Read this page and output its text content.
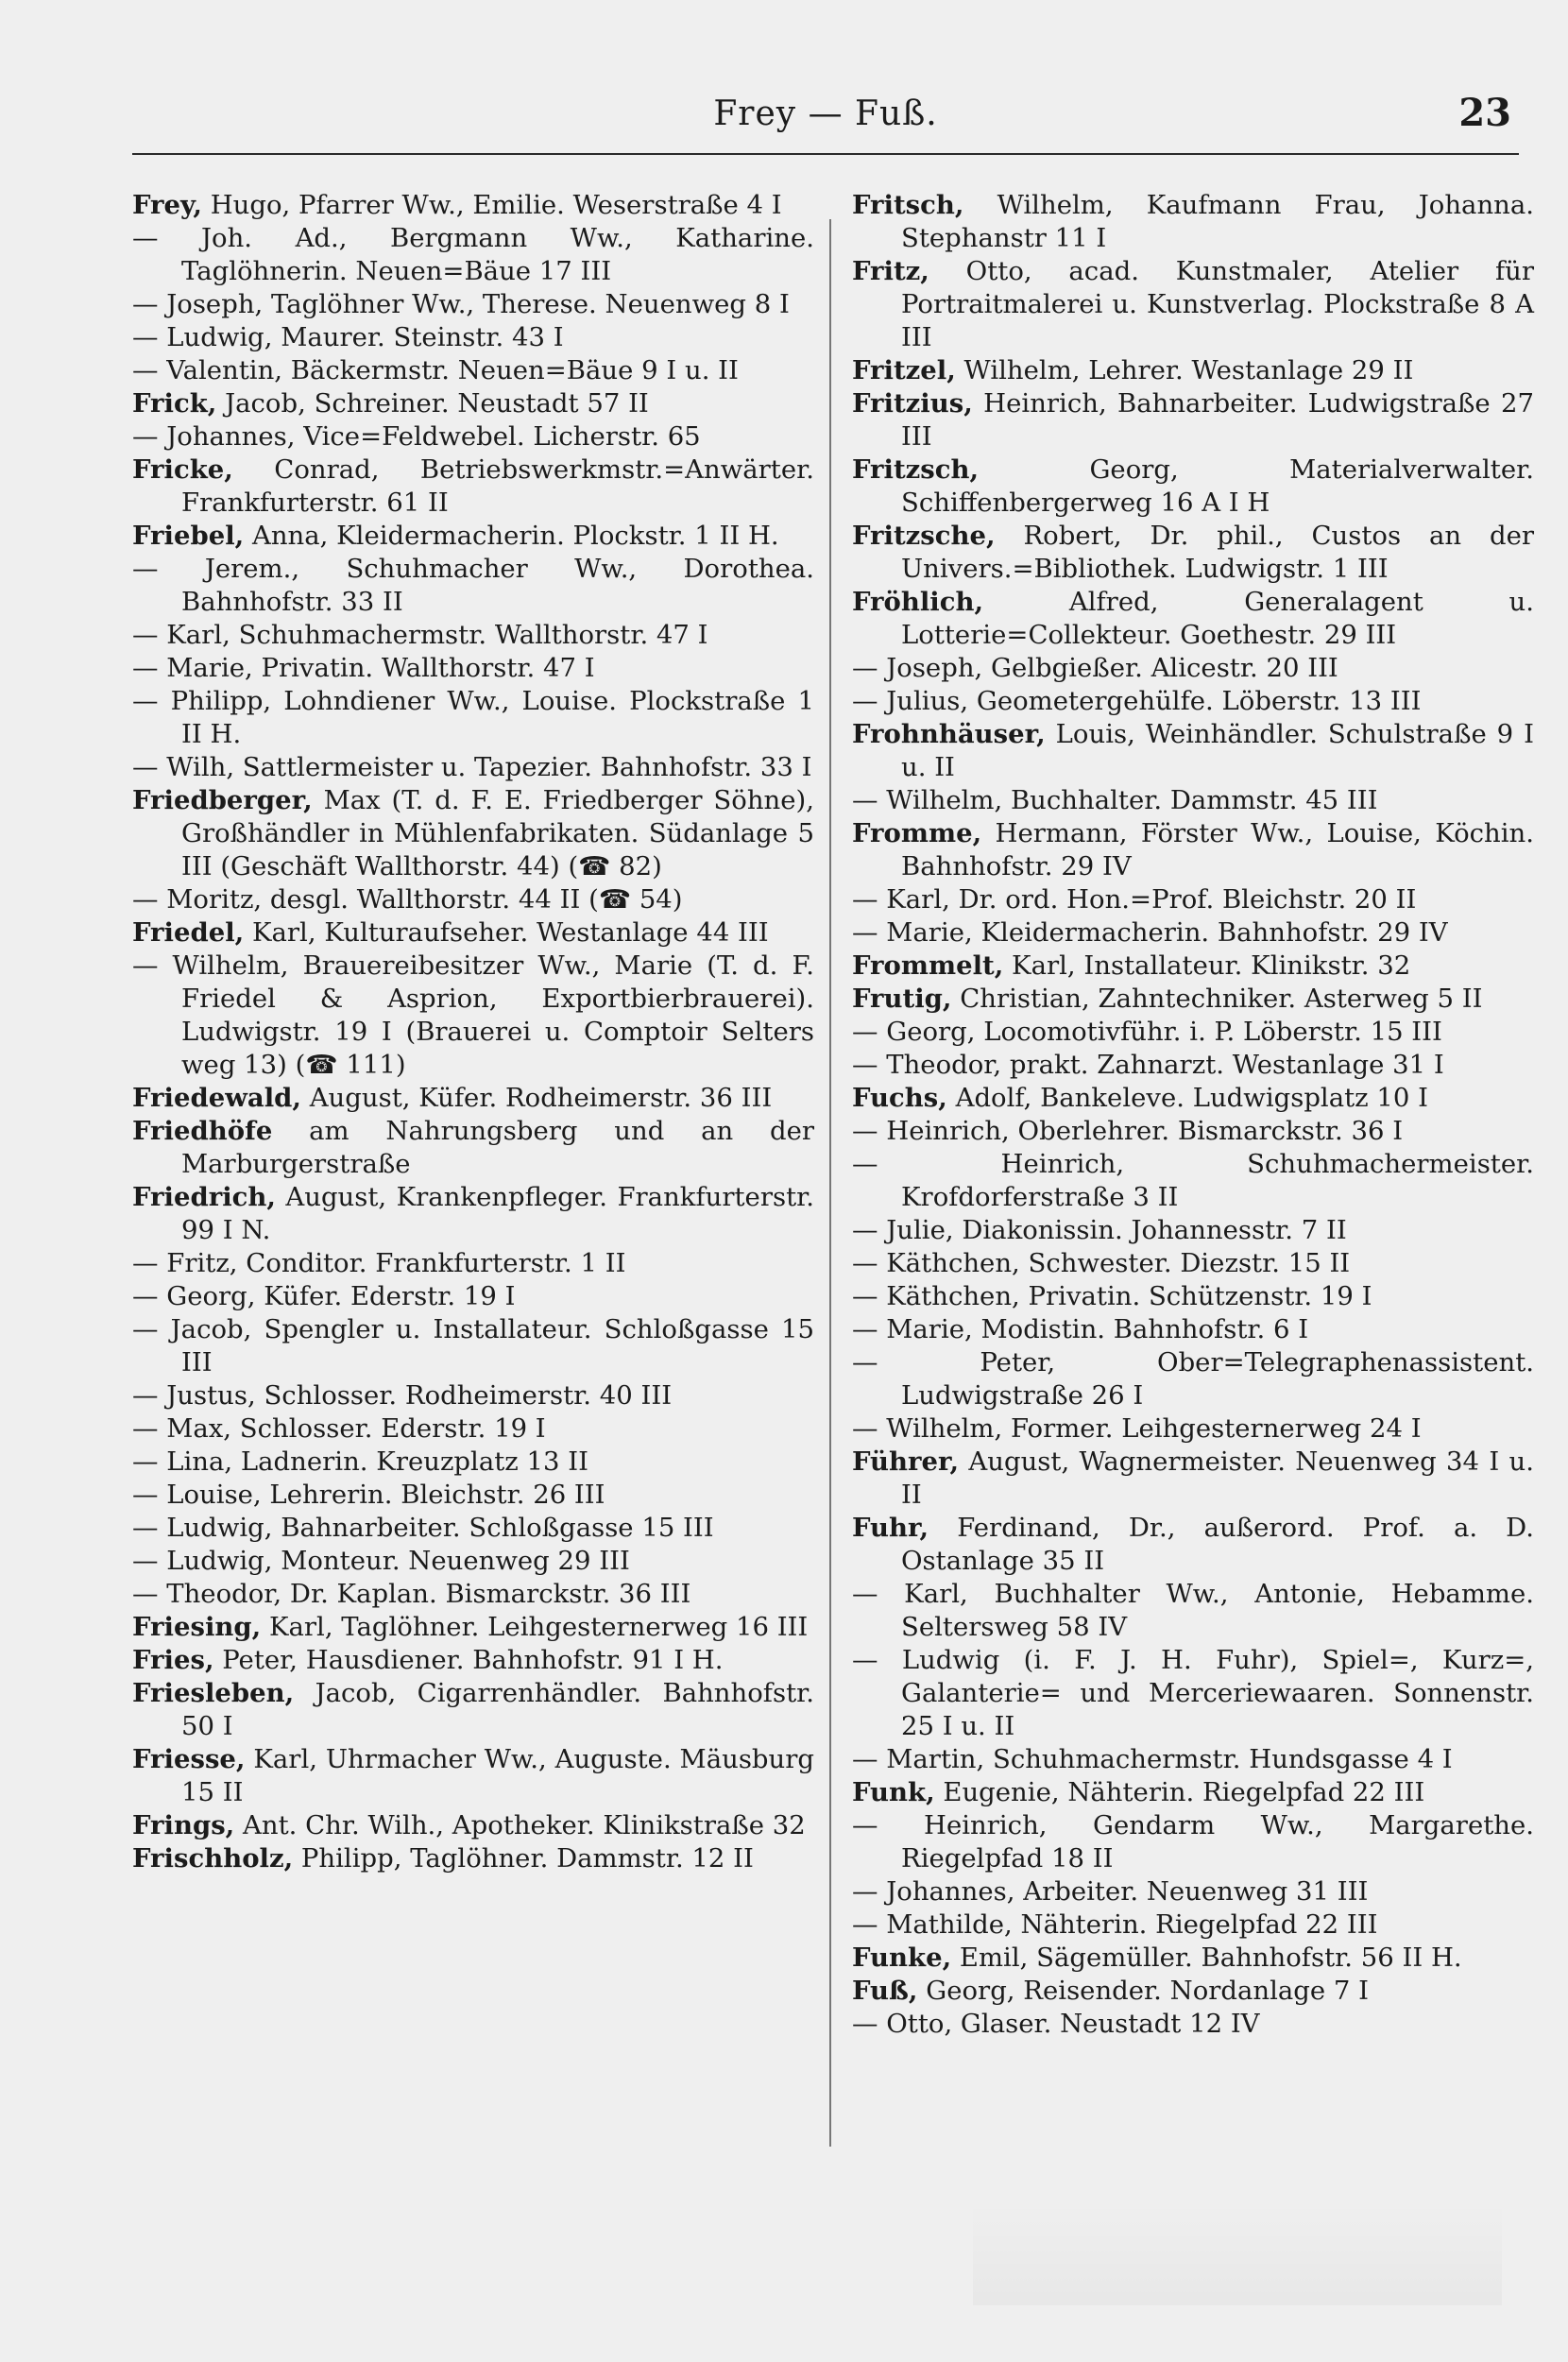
Frey — Fuß.	23
Frey, Hugo, Pfarrer Ww., Emilie. Weserstraße 4 I
— Joh. Ad., Bergmann Ww., Katharine. Taglöhnerin. Neuen=Bäue 17 III
— Joseph, Taglöhner Ww., Therese. Neuenweg 8 I
— Ludwig, Maurer. Steinstr. 43 I
— Valentin, Bäckermstr. Neuen=Bäue 9 I u. II
Frick, Jacob, Schreiner. Neustadt 57 II
— Johannes, Vice=Feldwebel. Licherstr. 65
Fricke, Conrad, Betriebswerkmstr.=Anwärter. Frankfurterstr. 61 II
Friebel, Anna, Kleidermacherin. Plockstr. 1 II H.
— Jerem., Schuhmacher Ww., Dorothea. Bahnhofstr. 33 II
— Karl, Schuhmachermstr. Wallthorstr. 47 I
— Marie, Privatin. Wallthorstr. 47 I
— Philipp, Lohndiener Ww., Louise. Plockstraße 1 II H.
— Wilh, Sattlermeister u. Tapezier. Bahnhofstr. 33 I
Friedberger, Max (T. d. F. E. Friedberger Söhne), Großhändler in Mühlenfabrikaten. Südanlage 5 III (Geschäft Wallthorstr. 44) (☎ 82)
— Moritz, desgl. Wallthorstr. 44 II (☎ 54)
Friedel, Karl, Kulturaufseher. Westanlage 44 III
— Wilhelm, Brauereibesitzer Ww., Marie (T. d. F. Friedel & Asprion, Exportbierbrauerei). Ludwigstr. 19 I (Brauerei u. Comptoir Selters weg 13) (☎ 111)
Friedewald, August, Küfer. Rodheimerstr. 36 III
Friedhöfe am Nahrungsberg und an der Marburgerstraße
Friedrich, August, Krankenpfleger. Frankfurterstr. 99 I N.
— Fritz, Conditor. Frankfurterstr. 1 II
— Georg, Küfer. Ederstr. 19 I
— Jacob, Spengler u. Installateur. Schloßgasse 15 III
— Justus, Schlosser. Rodheimerstr. 40 III
— Max, Schlosser. Ederstr. 19 I
— Lina, Ladnerin. Kreuzplatz 13 II
— Louise, Lehrerin. Bleichstr. 26 III
— Ludwig, Bahnarbeiter. Schloßgasse 15 III
— Ludwig, Monteur. Neuenweg 29 III
— Theodor, Dr. Kaplan. Bismarckstr. 36 III
Friesing, Karl, Taglöhner. Leihgesternerweg 16 III
Fries, Peter, Hausdiener. Bahnhofstr. 91 I H.
Friesleben, Jacob, Cigarrenhändler. Bahnhofstr. 50 I
Friesse, Karl, Uhrmacher Ww., Auguste. Mäusburg 15 II
Frings, Ant. Chr. Wilh., Apotheker. Klinikstraße 32
Frischholz, Philipp, Taglöhner. Dammstr. 12 II
Fritsch, Wilhelm, Kaufmann Frau, Johanna. Stephanstr 11 I
Fritz, Otto, acad. Kunstmaler, Atelier für Portraitmalerei u. Kunstverlag. Plockstraße 8 A III
Fritzel, Wilhelm, Lehrer. Westanlage 29 II
Fritzius, Heinrich, Bahnarbeiter. Ludwigstraße 27 III
Fritzsch, Georg, Materialverwalter. Schiffenbergerweg 16 A I H
Fritzsche, Robert, Dr. phil., Custos an der Univers.=Bibliothek. Ludwigstr. 1 III
Fröhlich, Alfred, Generalagent u. Lotterie=Collekteur. Goethestr. 29 III
— Joseph, Gelbgießer. Alicestr. 20 III
— Julius, Geometergehülfe. Löberstr. 13 III
Frohnhäuser, Louis, Weinhändler. Schulstraße 9 I u. II
— Wilhelm, Buchhalter. Dammstr. 45 III
Fromme, Hermann, Förster Ww., Louise, Köchin. Bahnhofstr. 29 IV
— Karl, Dr. ord. Hon.=Prof. Bleichstr. 20 II
— Marie, Kleidermacherin. Bahnhofstr. 29 IV
Frommelt, Karl, Installateur. Klinikstr. 32
Frutig, Christian, Zahntechniker. Asterweg 5 II
— Georg, Locomotivführ. i. P. Löberstr. 15 III
— Theodor, prakt. Zahnarzt. Westanlage 31 I
Fuchs, Adolf, Bankeleve. Ludwigsplatz 10 I
— Heinrich, Oberlehrer. Bismarckstr. 36 I
— Heinrich, Schuhmachermeister. Krofdorferstraße 3 II
— Julie, Diakonissin. Johannesstr. 7 II
— Käthchen, Schwester. Diezstr. 15 II
— Käthchen, Privatin. Schützenstr. 19 I
— Marie, Modistin. Bahnhofstr. 6 I
— Peter, Ober=Telegraphenassistent. Ludwigstraße 26 I
— Wilhelm, Former. Leihgesternerweg 24 I
Führer, August, Wagnermeister. Neuenweg 34 I u. II
Fuhr, Ferdinand, Dr., außerord. Prof. a. D. Ostanlage 35 II
— Karl, Buchhalter Ww., Antonie, Hebamme. Seltersweg 58 IV
— Ludwig (i. F. J. H. Fuhr), Spiel=, Kurz=, Galanterie= und Merceriewaaren. Sonnenstr. 25 I u. II
— Martin, Schuhmachermstr. Hundsgasse 4 I
Funk, Eugenie, Nähterin. Riegelpfad 22 III
— Heinrich, Gendarm Ww., Margarethe. Riegelpfad 18 II
— Johannes, Arbeiter. Neuenweg 31 III
— Mathilde, Nähterin. Riegelpfad 22 III
Funke, Emil, Sägemüller. Bahnhofstr. 56 II H.
Fuß, Georg, Reisender. Nordanlage 7 I
— Otto, Glaser. Neustadt 12 IV
